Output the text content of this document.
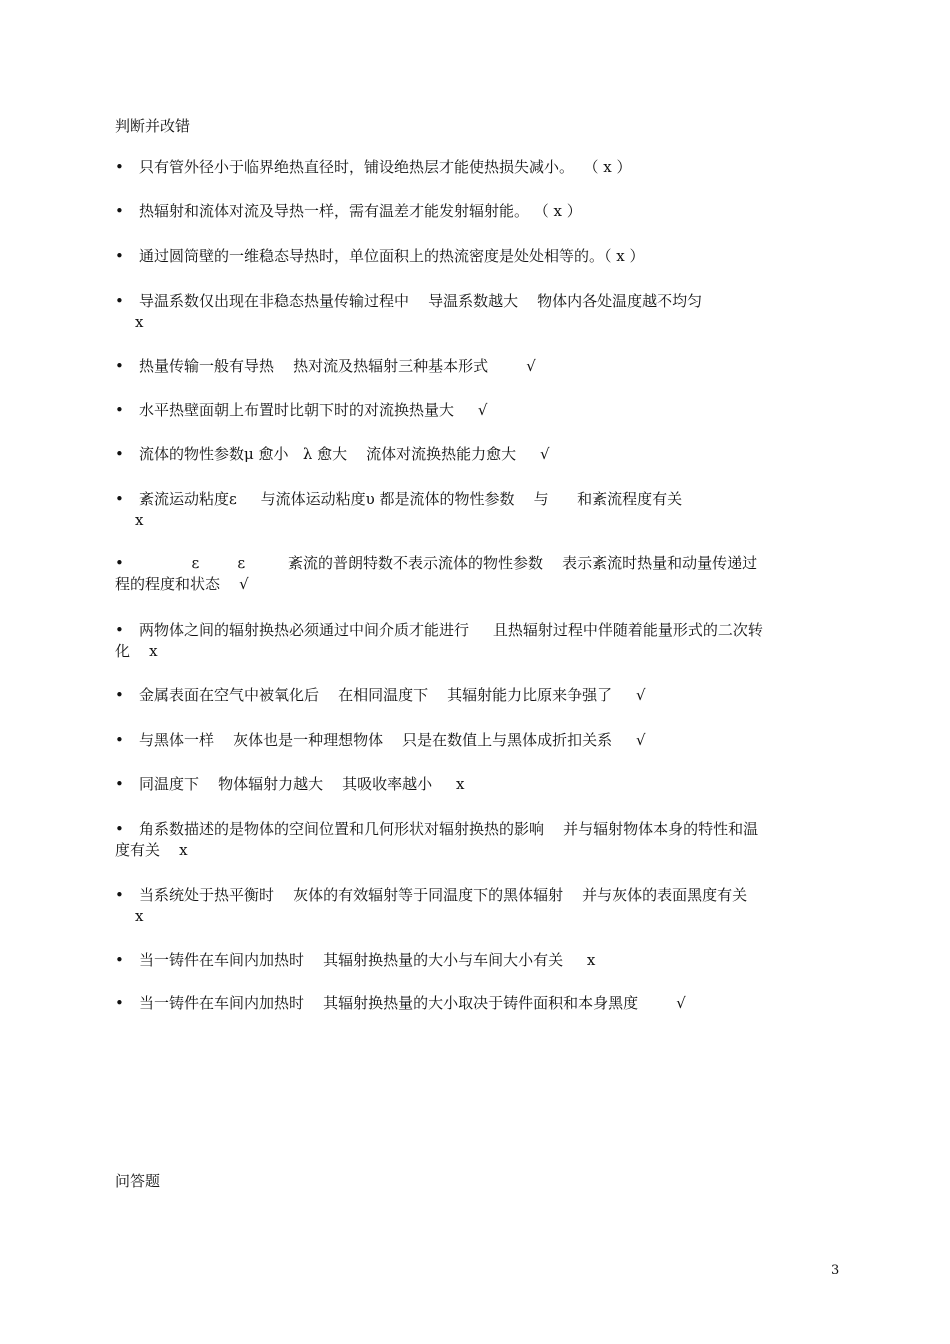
判断并改错
• 只有管外径小于临界绝热直径时，铺设绝热层才能使热损失减小。  （ x ）
• 热辐射和流体对流及导热一样，需有温差才能发射辐射能。 （ x ）
• 通过圆筒壁的一维稳态导热时，单位面积上的热流密度是处处相等的。（ x ）
• 导温系数仅出现在非稳态热量传输过程中    导温系数越大    物体内各处温度越不均匀
x
• 热量传输一般有导热    热对流及热辐射三种基本形式        √
• 水平热壁面朝上布置时比朝下时的对流换热量大     √
• 流体的物性参数μ 愈小   λ 愈大    流体对流换热能力愈大     √
• 紊流运动粘度ε     与流体运动粘度υ 都是流体的物性参数    与      和紊流程度有关
x
•           ε        ε         紊流的普朗特数不表示流体的物性参数    表示紊流时热量和动量传递过
程的程度和状态    √
• 两物体之间的辐射换热必须通过中间介质才能进行     且热辐射过程中伴随着能量形式的二次转
化    x
• 金属表面在空气中被氧化后    在相同温度下    其辐射能力比原来争强了     √
• 与黑体一样    灰体也是一种理想物体    只是在数值上与黑体成折扣关系     √
• 同温度下    物体辐射力越大    其吸收率越小     x
• 角系数描述的是物体的空间位置和几何形状对辐射换热的影响    并与辐射物体本身的特性和温
度有关    x
• 当系统处于热平衡时    灰体的有效辐射等于同温度下的黑体辐射    并与灰体的表面黑度有关
x
• 当一铸件在车间内加热时    其辐射换热量的大小与车间大小有关     x
• 当一铸件在车间内加热时    其辐射换热量的大小取决于铸件面积和本身黑度        √
问答题
3
